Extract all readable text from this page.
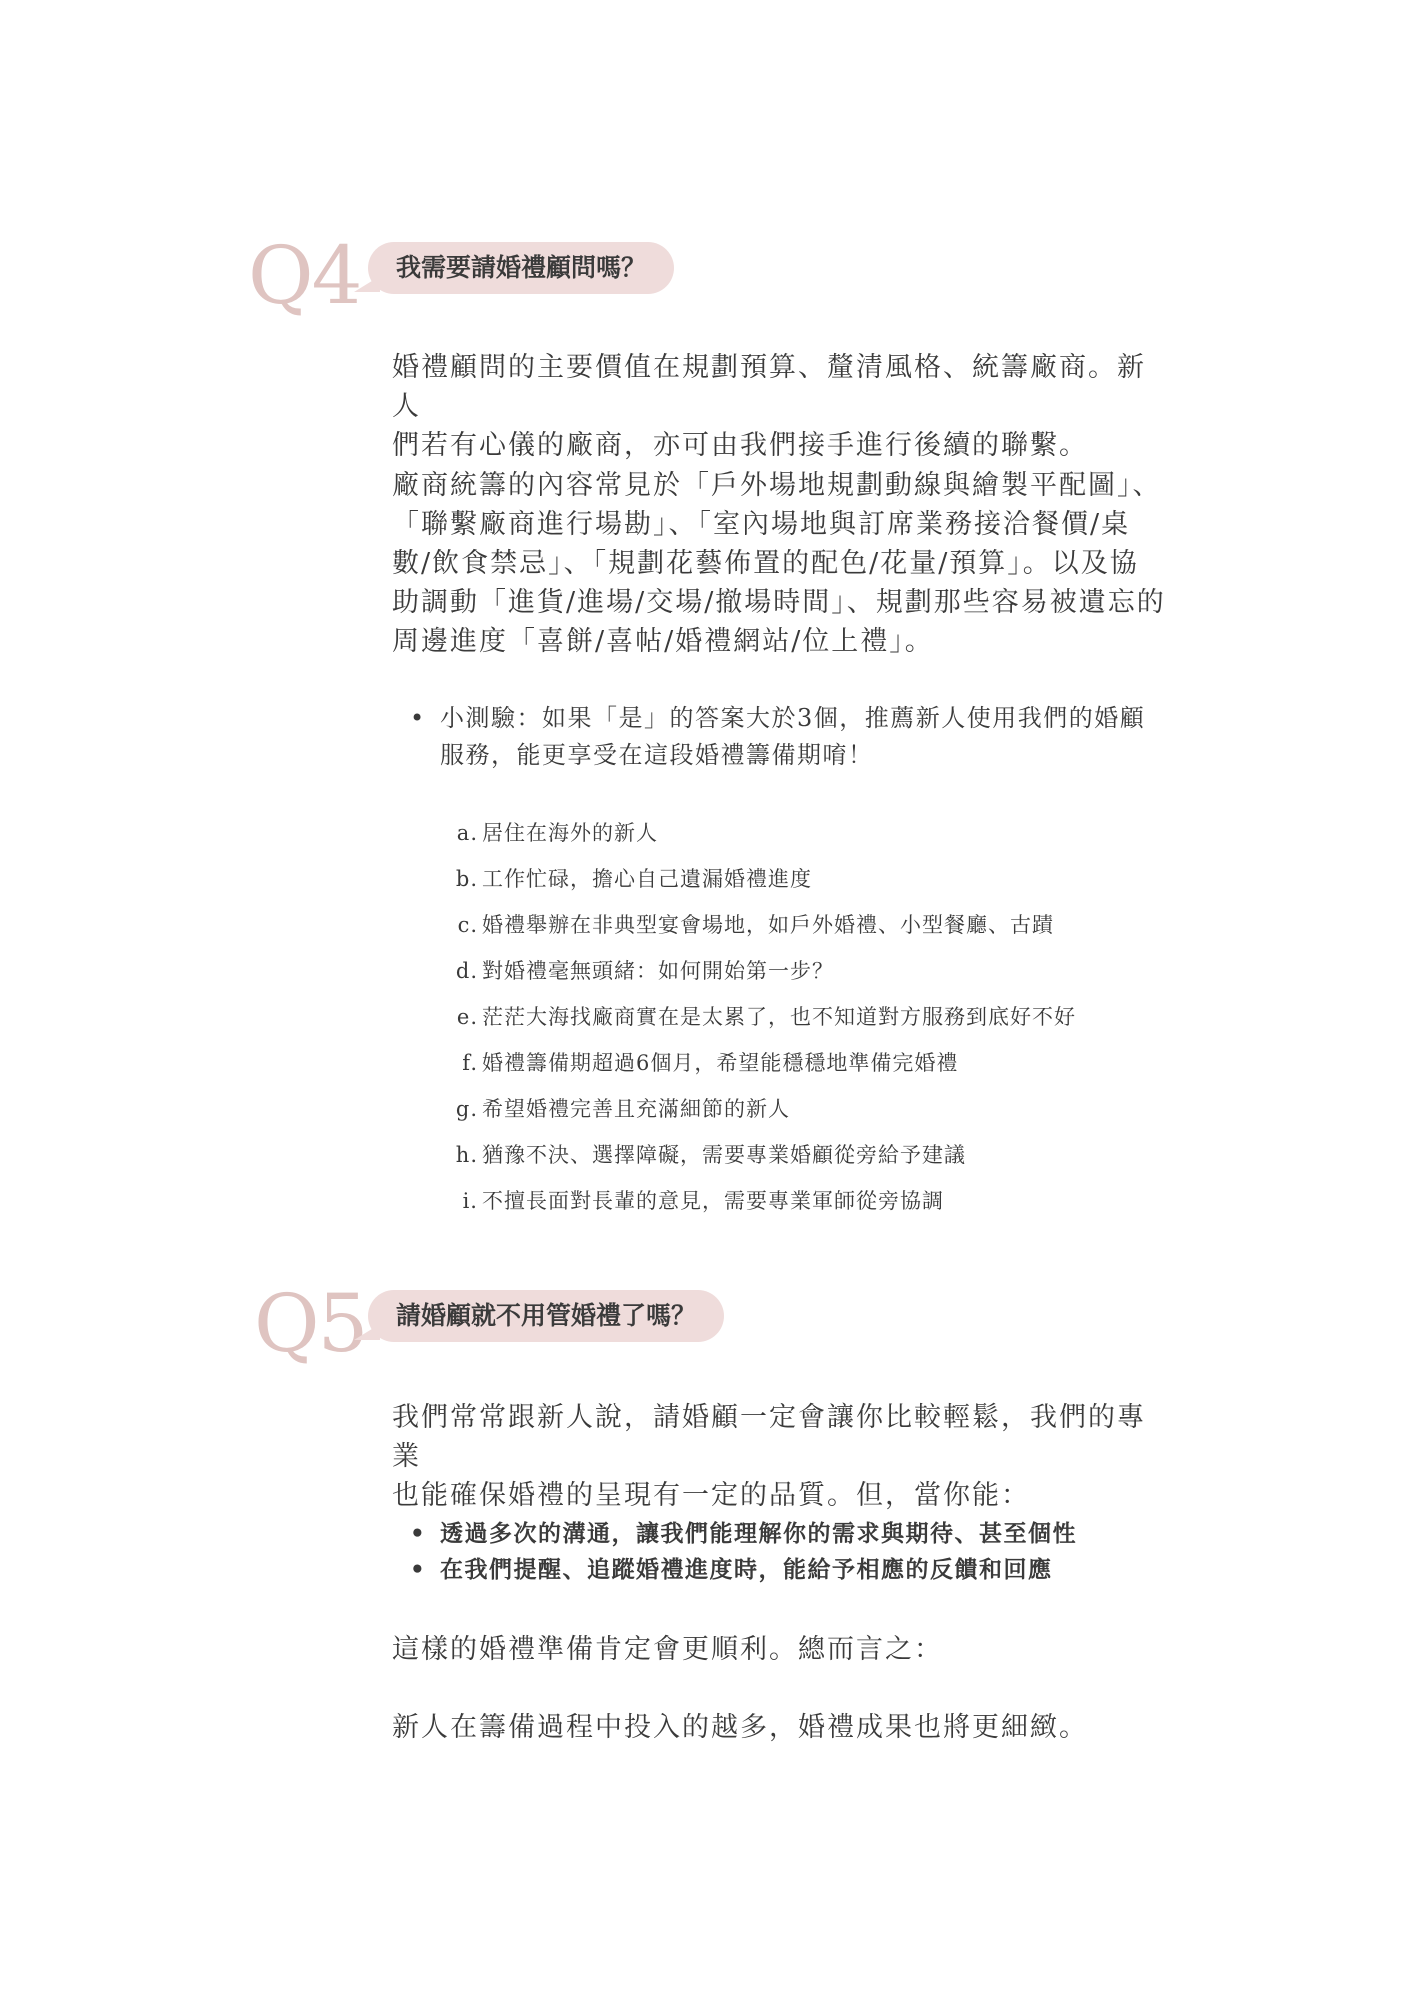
Q4	我需要請婚禮顧問嗎？
婚禮顧問的主要價值在規劃預算、釐清風格、統籌廠商。新人
們若有心儀的廠商，亦可由我們接手進行後續的聯繫。
廠商統籌的內容常見於「戶外場地規劃動線與繪製平配圖」、
「聯繫廠商進行場勘」、「室內場地與訂席業務接洽餐價/桌
數/飲食禁忌」、「規劃花藝佈置的配色/花量/預算」。以及協
助調動「進貨/進場/交場/撤場時間」、規劃那些容易被遺忘的
周邊進度「喜餅/喜帖/婚禮網站/位上禮」。
• 小測驗：如果「是」的答案大於3個，推薦新人使用我們的婚顧
服務，能更享受在這段婚禮籌備期唷！
a. 居住在海外的新人
b. 工作忙碌，擔心自己遺漏婚禮進度
c. 婚禮舉辦在非典型宴會場地，如戶外婚禮、小型餐廳、古蹟
d. 對婚禮毫無頭緒：如何開始第一步？
e. 茫茫大海找廠商實在是太累了，也不知道對方服務到底好不好
f. 婚禮籌備期超過6個月，希望能穩穩地準備完婚禮
g. 希望婚禮完善且充滿細節的新人
h. 猶豫不決、選擇障礙，需要專業婚顧從旁給予建議
i. 不擅長面對長輩的意見，需要專業軍師從旁協調
Q5	請婚顧就不用管婚禮了嗎？
我們常常跟新人說，請婚顧一定會讓你比較輕鬆，我們的專業
也能確保婚禮的呈現有一定的品質。但，當你能：
• 透過多次的溝通，讓我們能理解你的需求與期待、甚至個性
• 在我們提醒、追蹤婚禮進度時，能給予相應的反饋和回應
這樣的婚禮準備肯定會更順利。總而言之：
新人在籌備過程中投入的越多，婚禮成果也將更細緻。
